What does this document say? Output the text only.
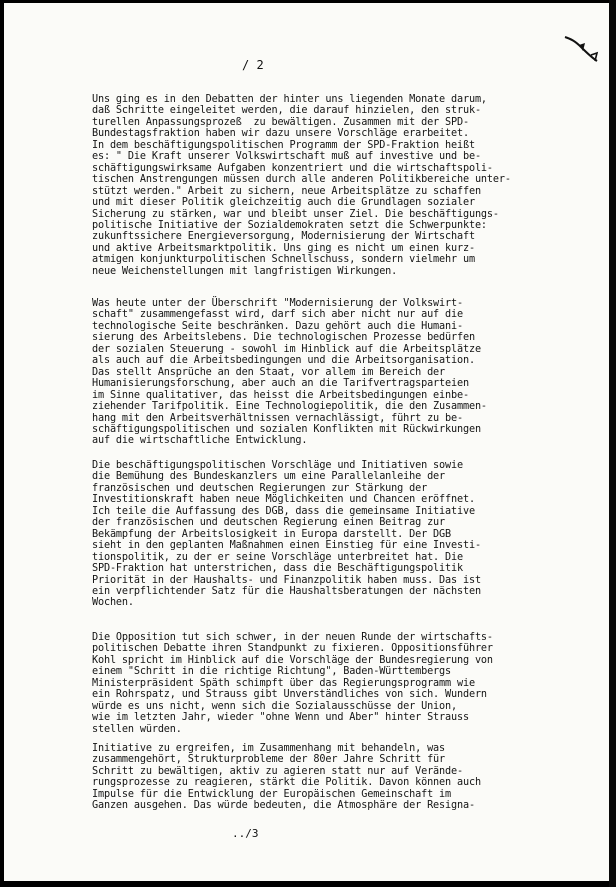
/ 2

Uns ging es in den Debatten der hinter uns liegenden Monate darum,
daß Schritte eingeleitet werden, die darauf hinzielen, den struk-
turellen Anpassungsprozeß  zu bewältigen. Zusammen mit der SPD-
Bundestagsfraktion haben wir dazu unsere Vorschläge erarbeitet.
In dem beschäftigungspolitischen Programm der SPD-Fraktion heißt
es: " Die Kraft unserer Volkswirtschaft muß auf investive und be-
schäftigungswirksame Aufgaben konzentriert und die wirtschaftspoli-
tischen Anstrengungen müssen durch alle anderen Politikbereiche unter-
stützt werden." Arbeit zu sichern, neue Arbeitsplätze zu schaffen
und mit dieser Politik gleichzeitig auch die Grundlagen sozialer
Sicherung zu stärken, war und bleibt unser Ziel. Die beschäftigungs-
politische Initiative der Sozialdemokraten setzt die Schwerpunkte:
zukunftssichere Energieversorgung, Modernisierung der Wirtschaft
und aktive Arbeitsmarktpolitik. Uns ging es nicht um einen kurz-
atmigen konjunkturpolitischen Schnellschuss, sondern vielmehr um
neue Weichenstellungen mit langfristigen Wirkungen.

Was heute unter der Überschrift "Modernisierung der Volkswirt-
schaft" zusammengefasst wird, darf sich aber nicht nur auf die
technologische Seite beschränken. Dazu gehört auch die Humani-
sierung des Arbeitslebens. Die technologischen Prozesse bedürfen
der sozialen Steuerung - sowohl im Hinblick auf die Arbeitsplätze
als auch auf die Arbeitsbedingungen und die Arbeitsorganisation.
Das stellt Ansprüche an den Staat, vor allem im Bereich der
Humanisierungsforschung, aber auch an die Tarifvertragsparteien
im Sinne qualitativer, das heisst die Arbeitsbedingungen einbe-
ziehender Tarifpolitik. Eine Technologiepolitik, die den Zusammen-
hang mit den Arbeitsverhältnissen vernachlässigt, führt zu be-
schäftigungspolitischen und sozialen Konflikten mit Rückwirkungen
auf die wirtschaftliche Entwicklung.

Die beschäftigungspolitischen Vorschläge und Initiativen sowie
die Bemühung des Bundeskanzlers um eine Parallelanleihe der
französischen und deutschen Regierungen zur Stärkung der
Investitionskraft haben neue Möglichkeiten und Chancen eröffnet.
Ich teile die Auffassung des DGB, dass die gemeinsame Initiative
der französischen und deutschen Regierung einen Beitrag zur
Bekämpfung der Arbeitslosigkeit in Europa darstellt. Der DGB
sieht in den geplanten Maßnahmen einen Einstieg für eine Investi-
tionspolitik, zu der er seine Vorschläge unterbreitet hat. Die
SPD-Fraktion hat unterstrichen, dass die Beschäftigungspolitik
Priorität in der Haushalts- und Finanzpolitik haben muss. Das ist
ein verpflichtender Satz für die Haushaltsberatungen der nächsten
Wochen.

Die Opposition tut sich schwer, in der neuen Runde der wirtschafts-
politischen Debatte ihren Standpunkt zu fixieren. Oppositionsführer
Kohl spricht im Hinblick auf die Vorschläge der Bundesregierung von
einem "Schritt in die richtige Richtung", Baden-Württembergs
Ministerpräsident Späth schimpft über das Regierungsprogramm wie
ein Rohrspatz, und Strauss gibt Unverständliches von sich. Wundern
würde es uns nicht, wenn sich die Sozialausschüsse der Union,
wie im letzten Jahr, wieder "ohne Wenn und Aber" hinter Strauss
stellen würden.

Initiative zu ergreifen, im Zusammenhang mit behandeln, was
zusammengehört, Strukturprobleme der 80er Jahre Schritt für
Schritt zu bewältigen, aktiv zu agieren statt nur auf Verände-
rungsprozesse zu reagieren, stärkt die Politik. Davon können auch
Impulse für die Entwicklung der Europäischen Gemeinschaft im
Ganzen ausgehen. Das würde bedeuten, die Atmosphäre der Resigna-

../3
